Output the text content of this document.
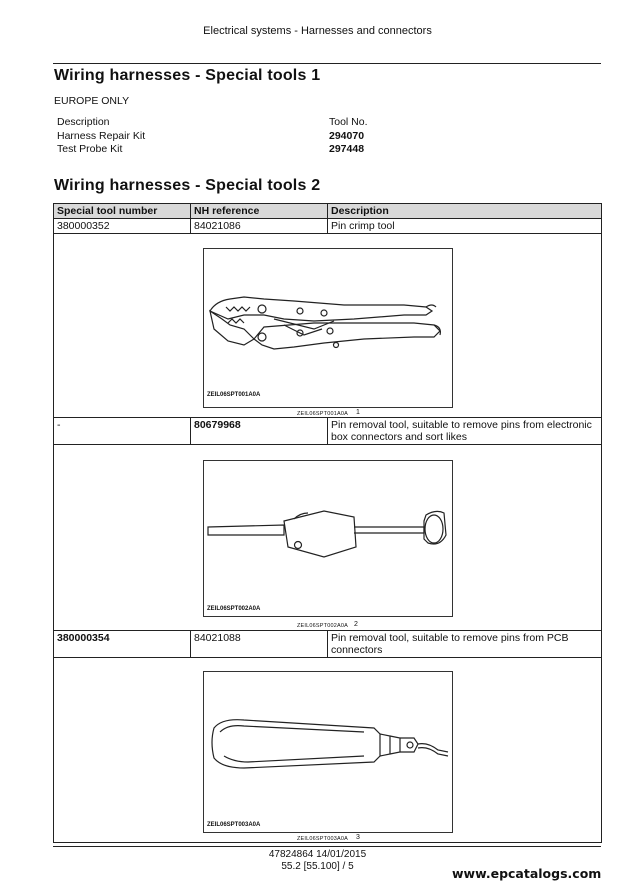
Electrical systems - Harnesses and connectors
Wiring harnesses - Special tools 1
EUROPE ONLY
Description	Tool No.
Harness Repair Kit	294070
Test Probe Kit	297448
Wiring harnesses - Special tools 2
Special tool number	NH reference	Description
380000352	84021086	Pin crimp tool

ZEIL06SPT001A0A
ZEIL06SPT001A0A 1		

-	80679968	Pin removal tool, suitable to remove pins from electronic box connectors and sort likes

ZEIL06SPT002A0A
ZEIL06SPT002A0A 2		

380000354	84021088	Pin removal tool, suitable to remove pins from PCB connectors

ZEIL06SPT003A0A
ZEIL06SPT003A0A 3		
47824864 14/01/2015
55.2 [55.100] / 5	www.epcatalogs.com
